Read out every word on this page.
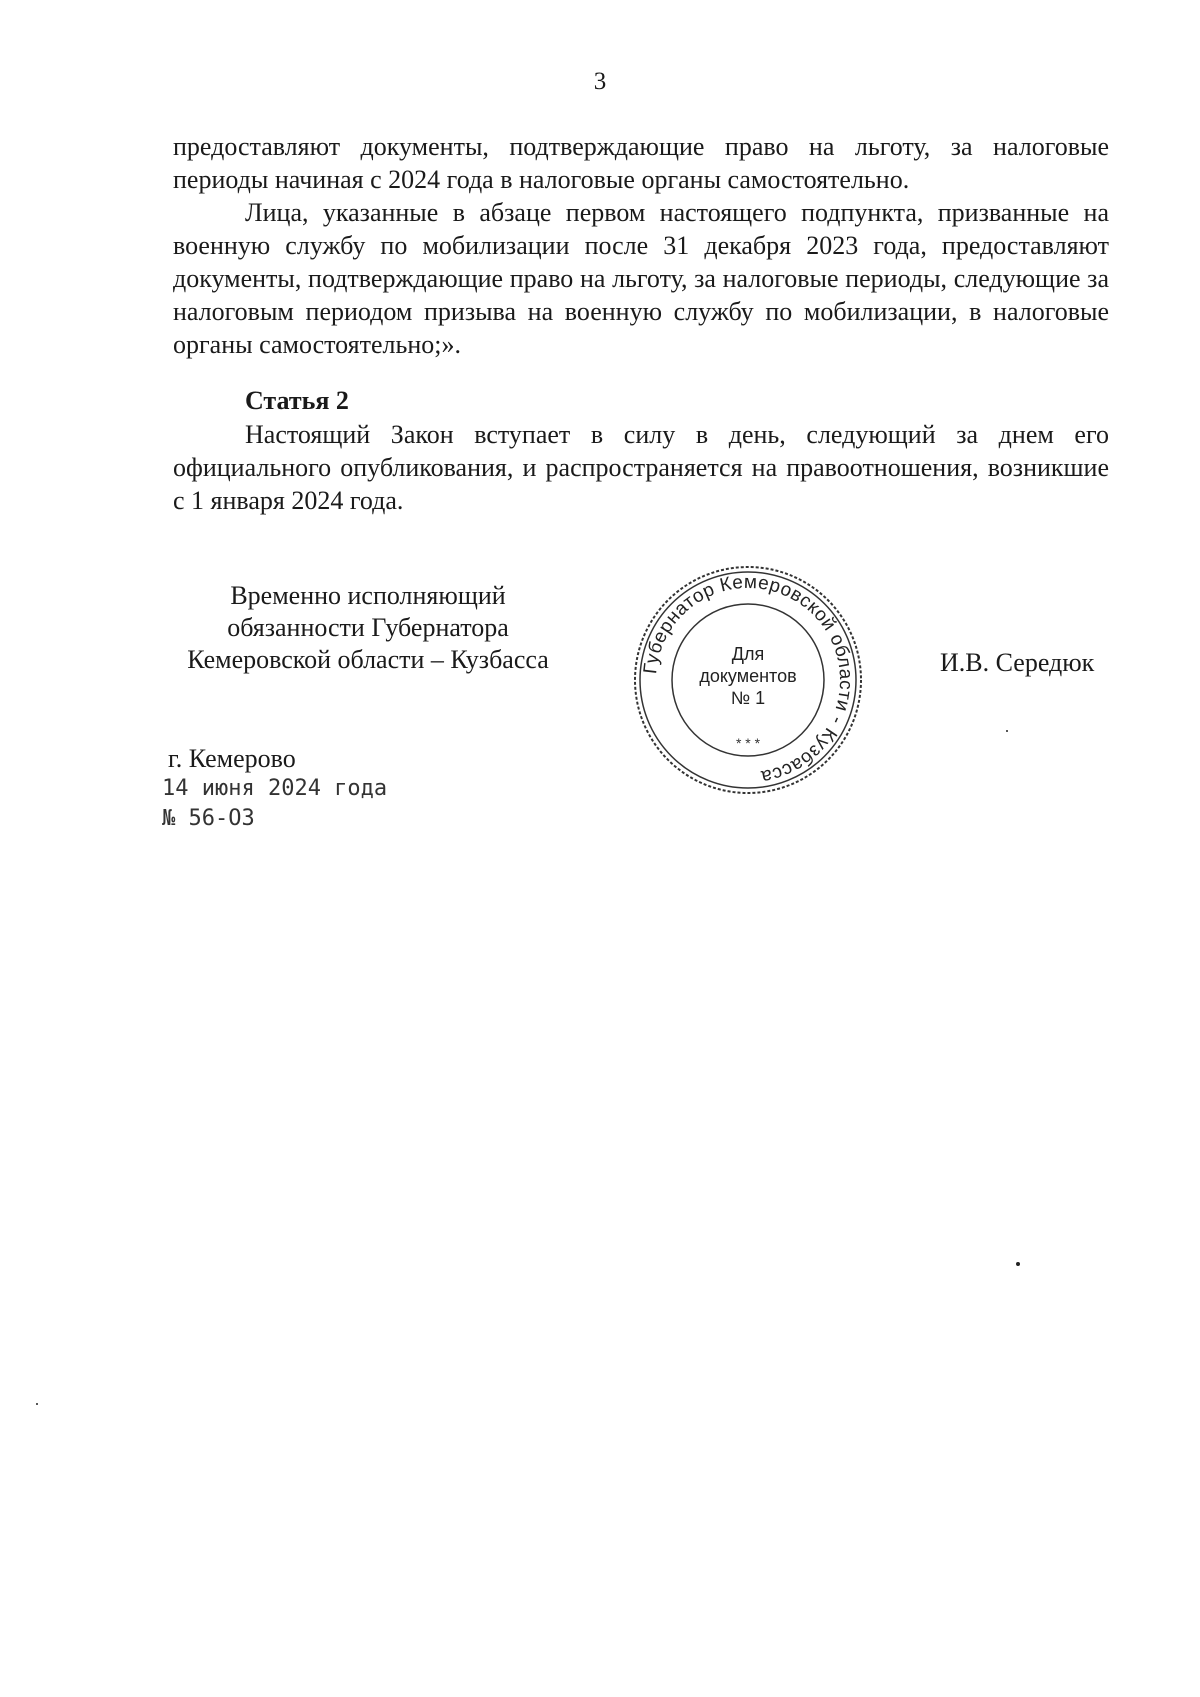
3

предоставляют документы, подтверждающие право на льготу, за налоговые периоды начиная с 2024 года в налоговые органы самостоятельно.

Лица, указанные в абзаце первом настоящего подпункта, призванные на военную службу по мобилизации после 31 декабря 2023 года, предоставляют документы, подтверждающие право на льготу, за налоговые периоды, следующие за налоговым периодом призыва на военную службу по мобилизации, в налоговые органы самостоятельно;».

Статья 2

Настоящий Закон вступает в силу в день, следующий за днем его официального опубликования, и распространяется на правоотношения, возникшие с 1 января 2024 года.

Временно исполняющий
обязанности Губернатора
Кемеровской области – Кузбасса	Губернатор Кемеровской области - Кузбасса
* * *
Для
документов
№ 1
И.В. Середюк
г. Кемерово
14 июня 2024 года
№ 56-ОЗ
